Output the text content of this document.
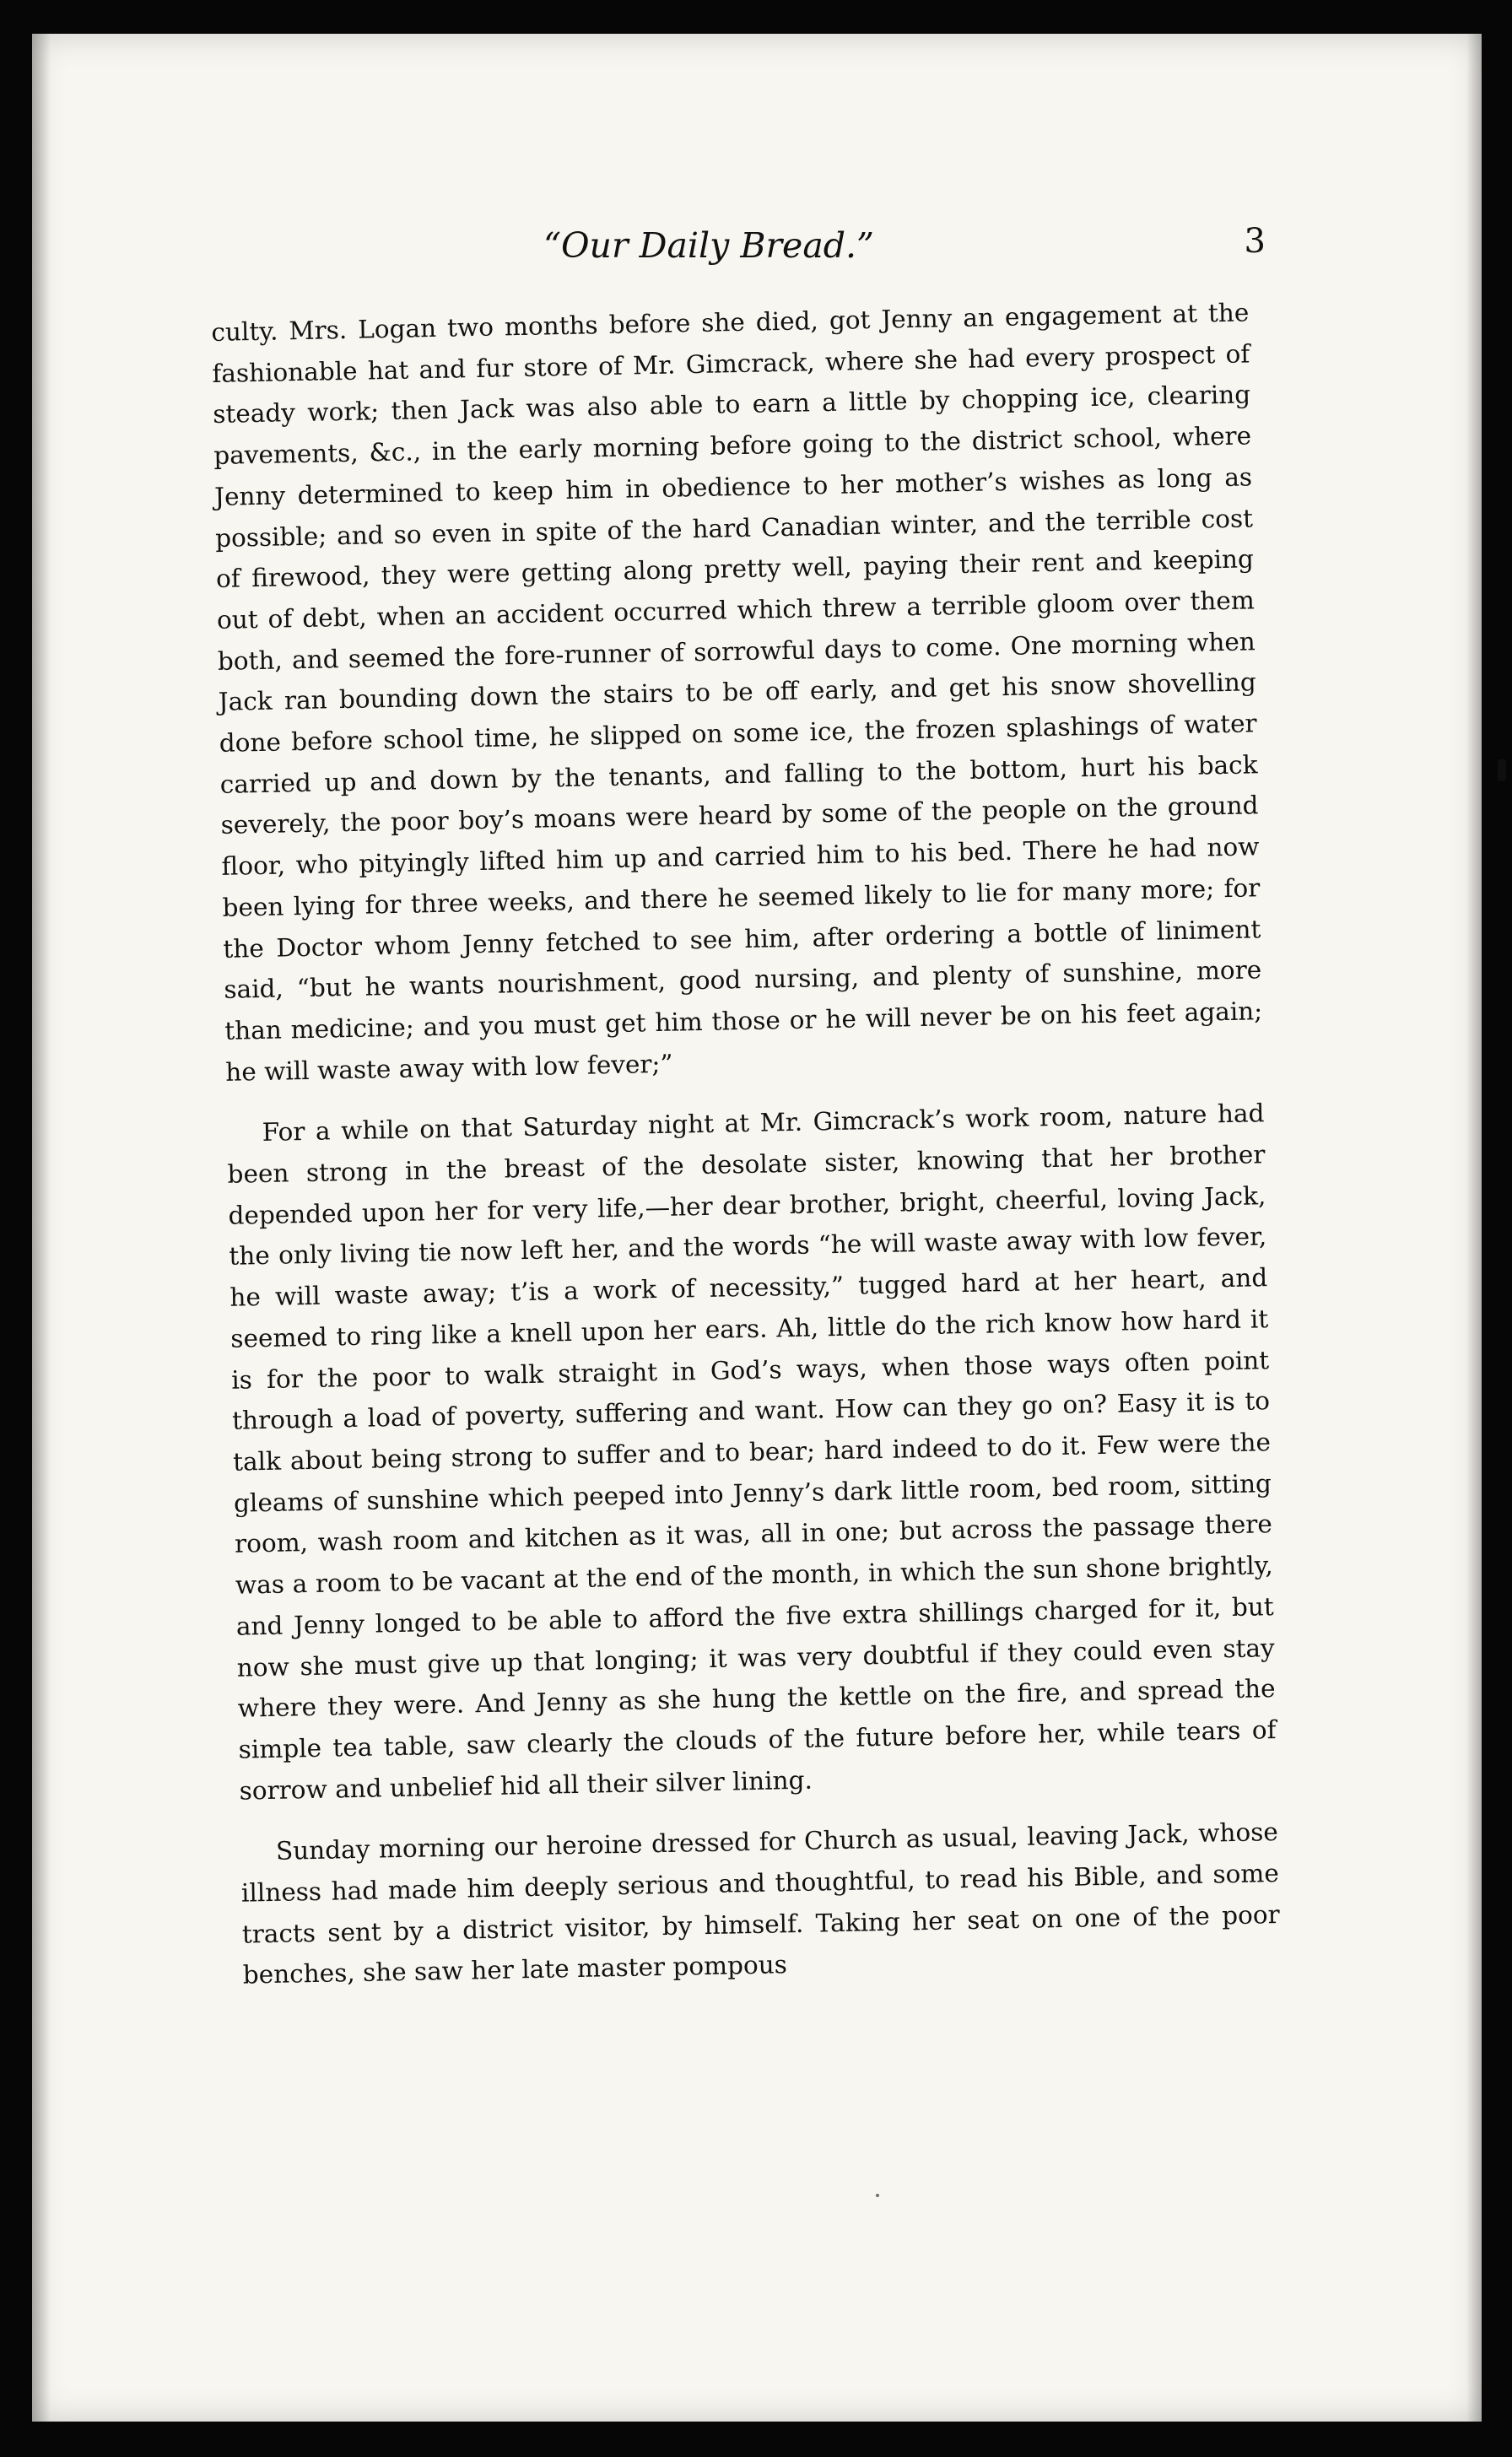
“Our Daily Bread.”	3

culty. Mrs. Logan two months before she died, got Jenny an engagement at the fashionable hat and fur store of Mr. Gimcrack, where she had every prospect of steady work; then Jack was also able to earn a little by chopping ice, clearing pavements, &c., in the early morning before going to the district school, where Jenny determined to keep him in obedience to her mother’s wishes as long as possible; and so even in spite of the hard Canadian winter, and the terrible cost of firewood, they were getting along pretty well, paying their rent and keeping out of debt, when an accident occurred which threw a terrible gloom over them both, and seemed the fore-runner of sorrowful days to come. One morning when Jack ran bounding down the stairs to be off early, and get his snow shovelling done before school time, he slipped on some ice, the frozen splashings of water carried up and down by the tenants, and falling to the bottom, hurt his back severely, the poor boy’s moans were heard by some of the people on the ground floor, who pityingly lifted him up and carried him to his bed. There he had now been lying for three weeks, and there he seemed likely to lie for many more; for the Doctor whom Jenny fetched to see him, after ordering a bottle of liniment said, “but he wants nourishment, good nursing, and plenty of sunshine, more than medicine; and you must get him those or he will never be on his feet again; he will waste away with low fever;”

For a while on that Saturday night at Mr. Gimcrack’s work room, nature had been strong in the breast of the desolate sister, knowing that her brother depended upon her for very life,—her dear brother, bright, cheerful, loving Jack, the only living tie now left her, and the words “he will waste away with low fever, he will waste away; t’is a work of necessity,” tugged hard at her heart, and seemed to ring like a knell upon her ears. Ah, little do the rich know how hard it is for the poor to walk straight in God’s ways, when those ways often point through a load of poverty, suffering and want. How can they go on? Easy it is to talk about being strong to suffer and to bear; hard indeed to do it. Few were the gleams of sunshine which peeped into Jenny’s dark little room, bed room, sitting room, wash room and kitchen as it was, all in one; but across the passage there was a room to be vacant at the end of the month, in which the sun shone brightly, and Jenny longed to be able to afford the five extra shillings charged for it, but now she must give up that longing; it was very doubtful if they could even stay where they were. And Jenny as she hung the kettle on the fire, and spread the simple tea table, saw clearly the clouds of the future before her, while tears of sorrow and unbelief hid all their silver lining.

Sunday morning our heroine dressed for Church as usual, leaving Jack, whose illness had made him deeply serious and thoughtful, to read his Bible, and some tracts sent by a district visitor, by himself. Taking her seat on one of the poor benches, she saw her late master pompous
